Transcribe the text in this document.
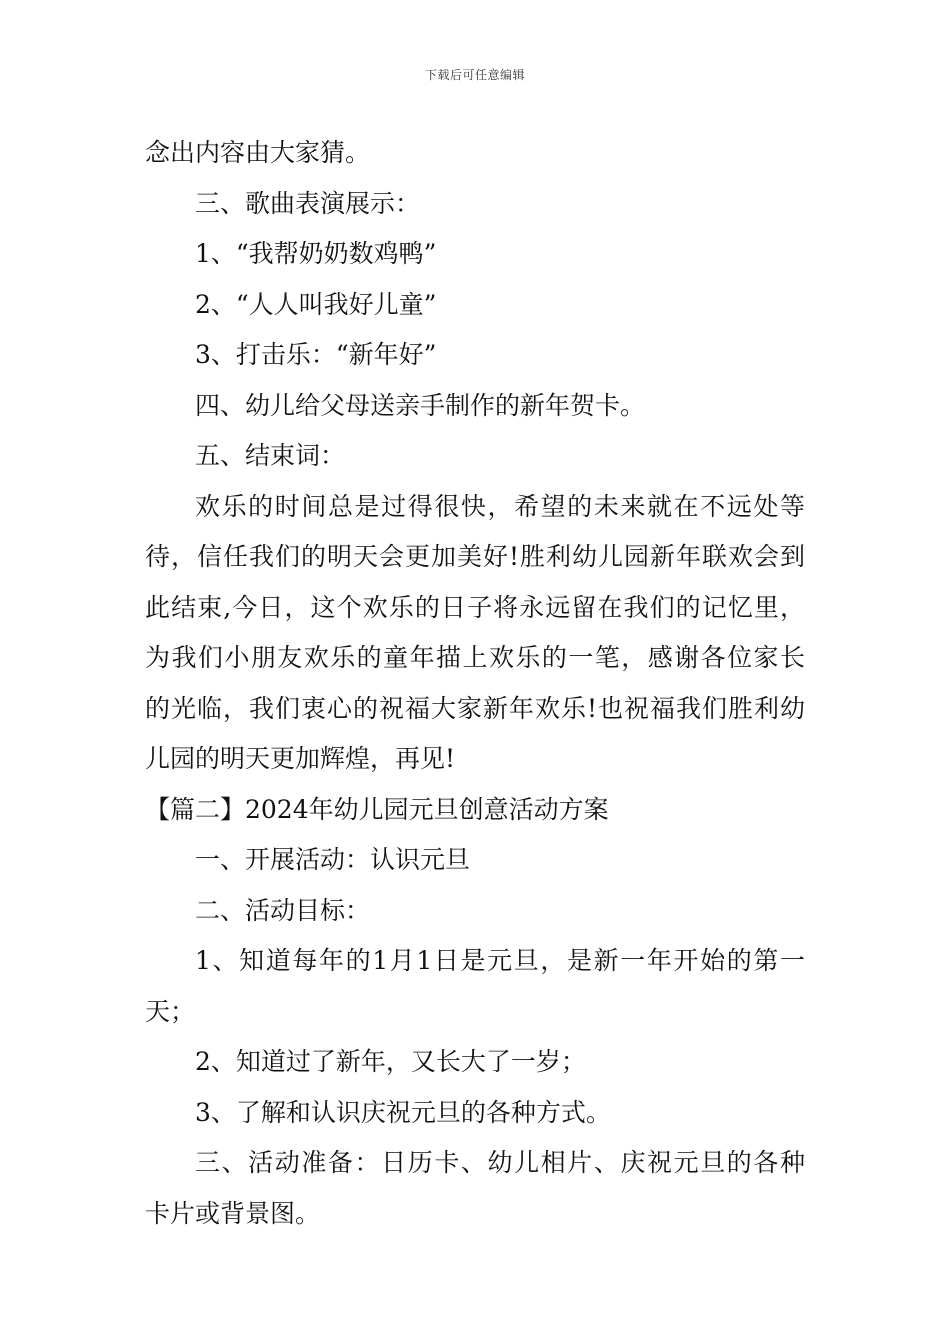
下载后可任意编辑
念出内容由大家猜。
三、歌曲表演展示：
1、“我帮奶奶数鸡鸭”
2、“人人叫我好儿童”
3、打击乐：“新年好”
四、幼儿给父母送亲手制作的新年贺卡。
五、结束词：
欢乐的时间总是过得很快，希望的未来就在不远处等
待，信任我们的明天会更加美好!胜利幼儿园新年联欢会到
此结束,今日，这个欢乐的日子将永远留在我们的记忆里，
为我们小朋友欢乐的童年描上欢乐的一笔，感谢各位家长
的光临，我们衷心的祝福大家新年欢乐!也祝福我们胜利幼
儿园的明天更加辉煌，再见!
【篇二】2024年幼儿园元旦创意活动方案
一、开展活动：认识元旦
二、活动目标：
1、知道每年的1月1日是元旦，是新一年开始的第一
天；
2、知道过了新年，又长大了一岁；
3、了解和认识庆祝元旦的各种方式。
三、活动准备：日历卡、幼儿相片、庆祝元旦的各种
卡片或背景图。
